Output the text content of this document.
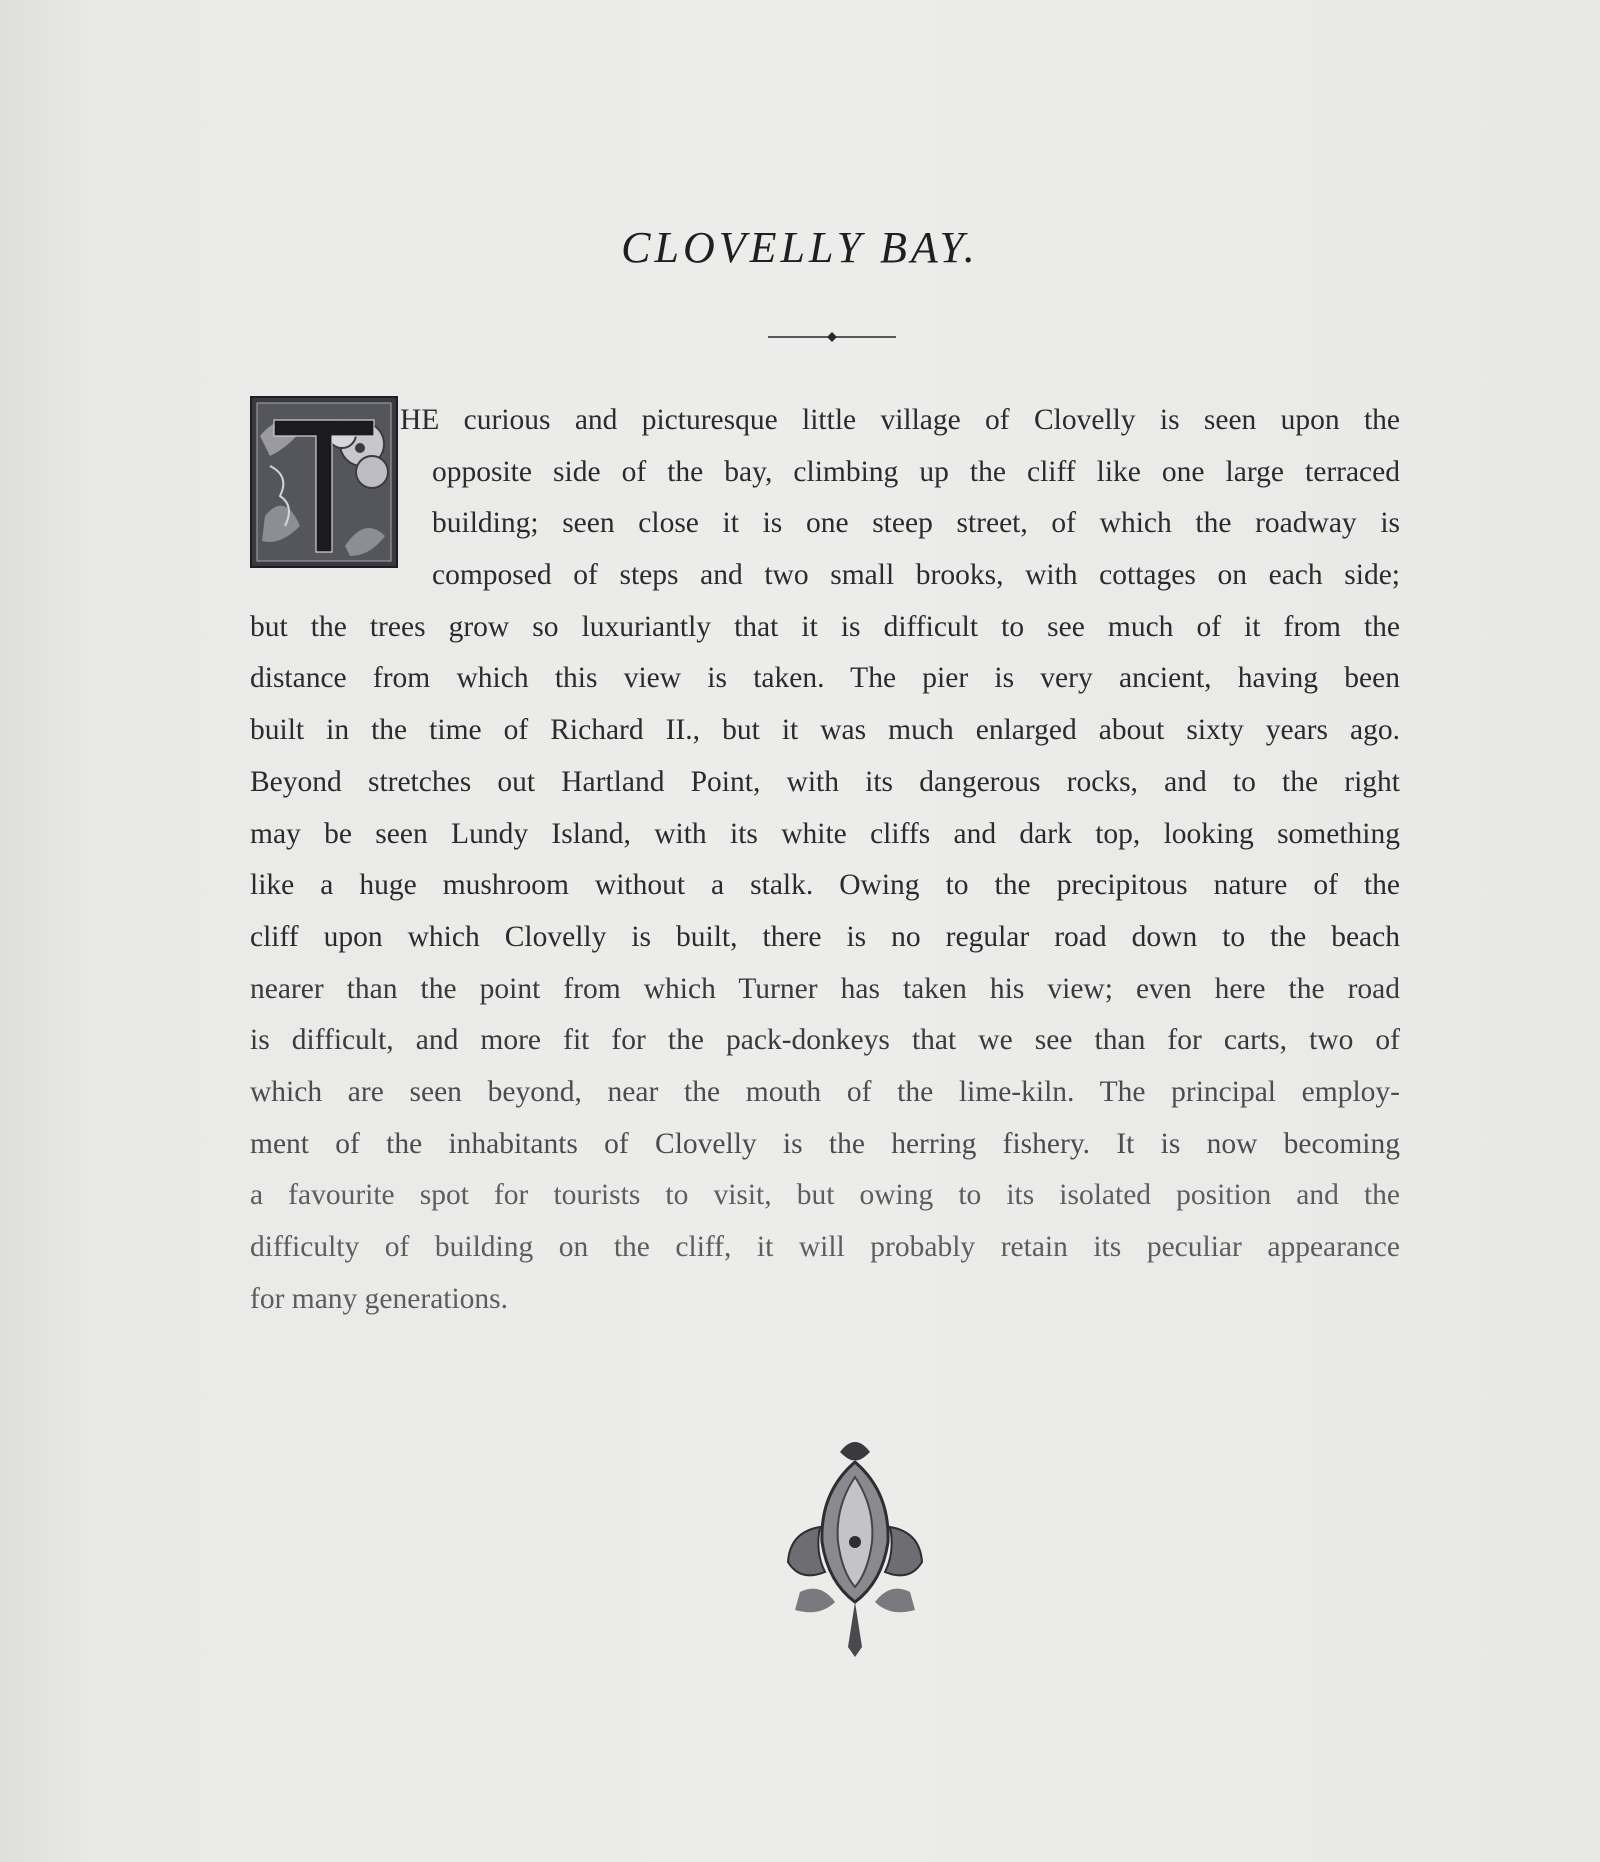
CLOVELLY BAY.
HE curious and picturesque little village of Clovelly is seen upon the
opposite side of the bay, climbing up the cliff like one large terraced
building; seen close it is one steep street, of which the roadway is
composed of steps and two small brooks, with cottages on each side;
but the trees grow so luxuriantly that it is difficult to see much of it from the
distance from which this view is taken. The pier is very ancient, having been
built in the time of Richard II., but it was much enlarged about sixty years ago.
Beyond stretches out Hartland Point, with its dangerous rocks, and to the right
may be seen Lundy Island, with its white cliffs and dark top, looking something
like a huge mushroom without a stalk. Owing to the precipitous nature of the
cliff upon which Clovelly is built, there is no regular road down to the beach
nearer than the point from which Turner has taken his view; even here the road
is difficult, and more fit for the pack-donkeys that we see than for carts, two of
which are seen beyond, near the mouth of the lime-kiln. The principal employ-
ment of the inhabitants of Clovelly is the herring fishery. It is now becoming
a favourite spot for tourists to visit, but owing to its isolated position and the
difficulty of building on the cliff, it will probably retain its peculiar appearance
for many generations.
